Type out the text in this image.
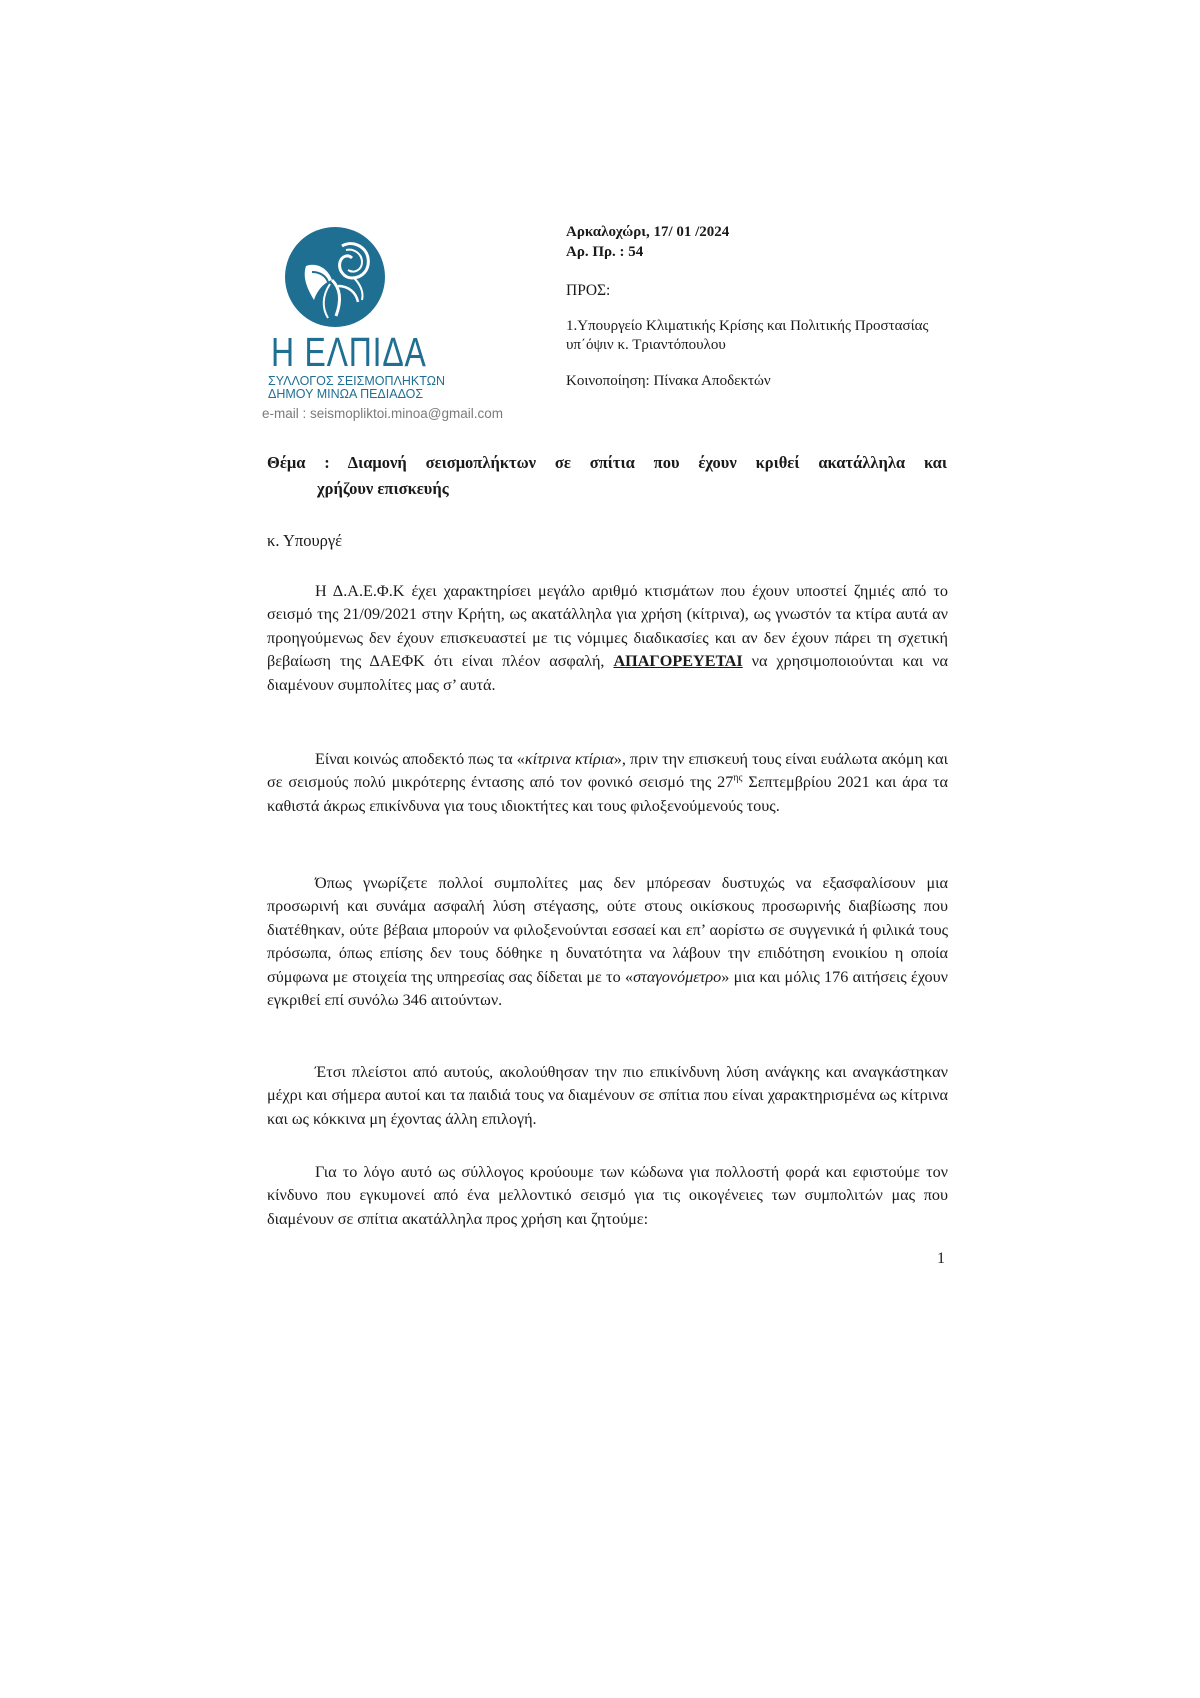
Η ΕΛΠΙΔΑ
ΣΥΛΛΟΓΟΣ ΣΕΙΣΜΟΠΛΗΚΤΩΝ
ΔΗΜΟΥ ΜΙΝΩΑ ΠΕΔΙΑΔΟΣ
e-mail : seismopliktoi.minoa@gmail.com
Αρκαλοχώρι, 17/ 01 /2024
Αρ. Πρ. : 54
ΠΡΟΣ:
1.Υπουργείο Κλιματικής Κρίσης και Πολιτικής Προστασίας
υπ΄όψιν κ. Τριαντόπουλου
Κοινοποίηση: Πίνακα Αποδεκτών
Θέμα : Διαμονή σεισμοπλήκτων σε σπίτια που έχουν κριθεί ακατάλληλα και
χρήζουν επισκευής
κ. Υπουργέ

Η Δ.Α.Ε.Φ.Κ έχει χαρακτηρίσει μεγάλο αριθμό κτισμάτων που έχουν υποστεί ζημιές από το σεισμό της 21/09/2021 στην Κρήτη, ως ακατάλληλα για χρήση (κίτρινα), ως γνωστόν τα κτίρα αυτά αν προηγούμενως δεν έχουν επισκευαστεί με τις νόμιμες διαδικασίες και αν δεν έχουν πάρει τη σχετική βεβαίωση της ΔΑΕΦΚ ότι είναι πλέον ασφαλή, ΑΠΑΓΟΡΕΥΕΤΑΙ να χρησιμοποιούνται και να διαμένουν συμπολίτες μας σ’ αυτά.

Είναι κοινώς αποδεκτό πως τα «κίτρινα κτίρια», πριν την επισκευή τους είναι ευάλωτα ακόμη και σε σεισμούς πολύ μικρότερης έντασης από τον φονικό σεισμό της $27^{\eta\varsigma}$ Σεπτεμβρίου 2021 και άρα τα καθιστά άκρως επικίνδυνα για τους ιδιοκτήτες και τους φιλοξενούμενούς τους.

Όπως γνωρίζετε πολλοί συμπολίτες μας δεν μπόρεσαν δυστυχώς να εξασφαλίσουν μια προσωρινή και συνάμα ασφαλή λύση στέγασης, ούτε στους οικίσκους προσωρινής διαβίωσης που διατέθηκαν, ούτε βέβαια μπορούν να φιλοξενούνται εσσαεί και επ’ αορίστω σε συγγενικά ή φιλικά τους πρόσωπα, όπως επίσης δεν τους δόθηκε η δυνατότητα να λάβουν την επιδότηση ενοικίου η οποία σύμφωνα με στοιχεία της υπηρεσίας σας δίδεται με το «σταγονόμετρο» μια και μόλις 176 αιτήσεις έχουν εγκριθεί επί συνόλω 346 αιτούντων.

Έτσι πλείστοι από αυτούς, ακολούθησαν την πιο επικίνδυνη λύση ανάγκης και αναγκάστηκαν μέχρι και σήμερα αυτοί και τα παιδιά τους να διαμένουν σε σπίτια που είναι χαρακτηρισμένα ως κίτρινα και ως κόκκινα μη έχοντας άλλη επιλογή.

Για το λόγο αυτό ως σύλλογος κρούουμε των κώδωνα για πολλοστή φορά και εφιστούμε τον κίνδυνο που εγκυμονεί από ένα μελλοντικό σεισμό για τις οικογένειες των συμπολιτών μας που διαμένουν σε σπίτια ακατάλληλα προς χρήση και ζητούμε:

1
